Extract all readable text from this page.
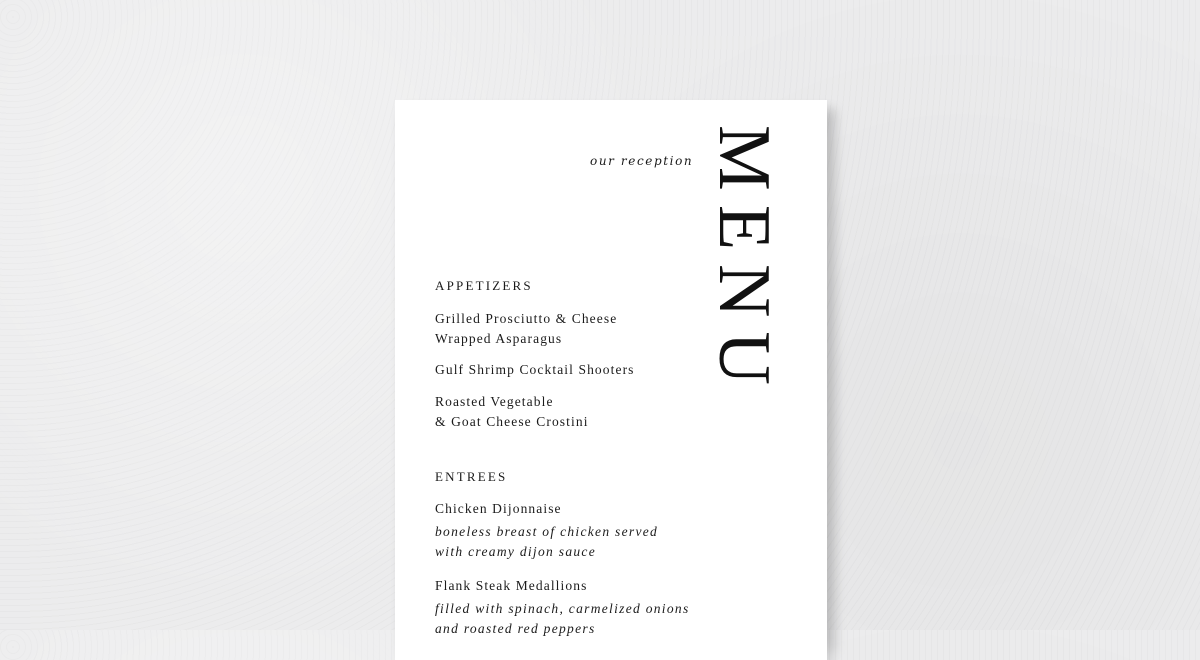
our reception MENU
APPETIZERS
Grilled Prosciutto & Cheese
Wrapped Asparagus
Gulf Shrimp Cocktail Shooters
Roasted Vegetable
& Goat Cheese Crostini
ENTREES
Chicken Dijonnaise
boneless breast of chicken served
with creamy dijon sauce
Flank Steak Medallions
filled with spinach, carmelized onions
and roasted red peppers
